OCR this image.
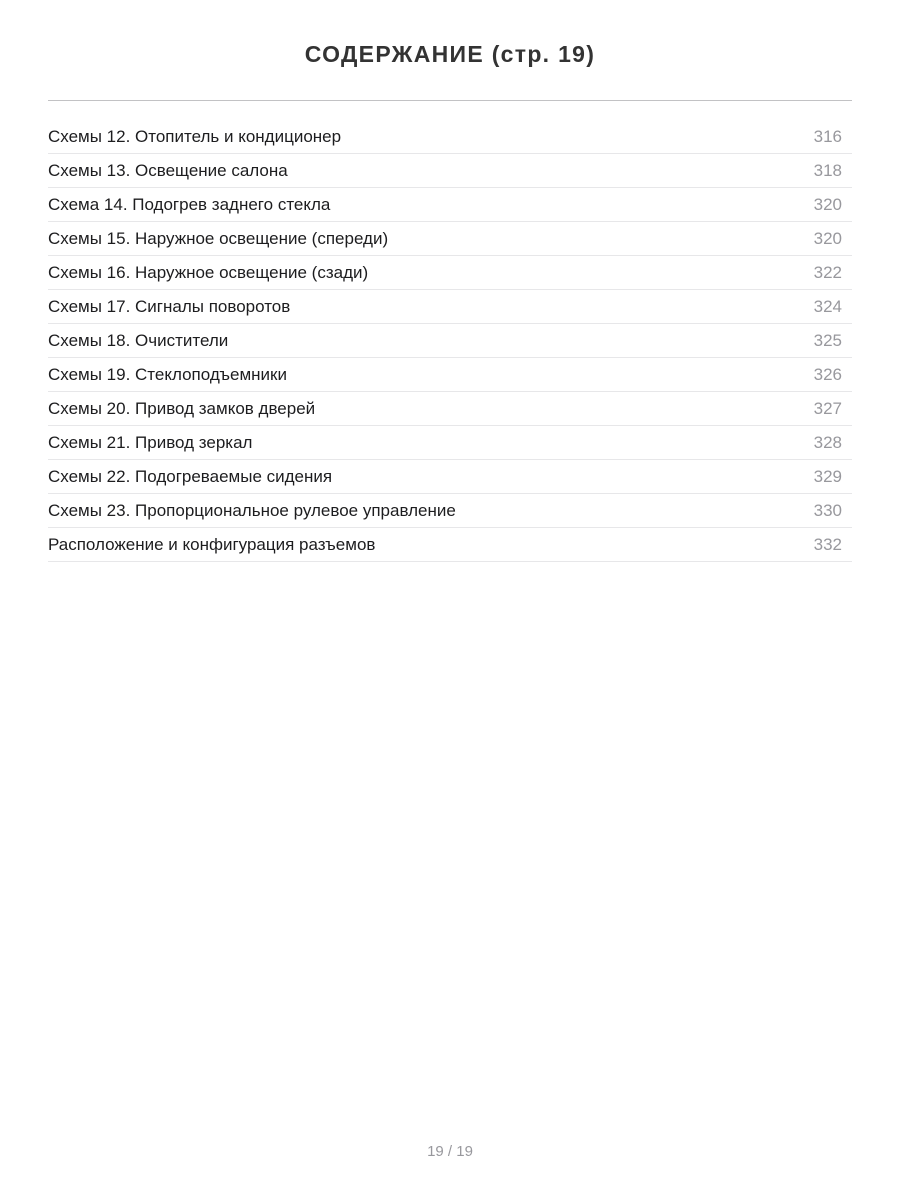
СОДЕРЖАНИЕ (стр. 19)
Схемы 12. Отопитель и кондиционер	316
Схемы 13. Освещение салона	318
Схема 14. Подогрев заднего стекла	320
Схемы 15. Наружное освещение (спереди)	320
Схемы 16. Наружное освещение (сзади)	322
Схемы 17. Сигналы поворотов	324
Схемы 18. Очистители	325
Схемы 19. Стеклоподъемники	326
Схемы 20. Привод замков дверей	327
Схемы 21. Привод зеркал	328
Схемы 22. Подогреваемые сидения	329
Схемы 23. Пропорциональное рулевое управление	330
Расположение и конфигурация разъемов	332
19 / 19
